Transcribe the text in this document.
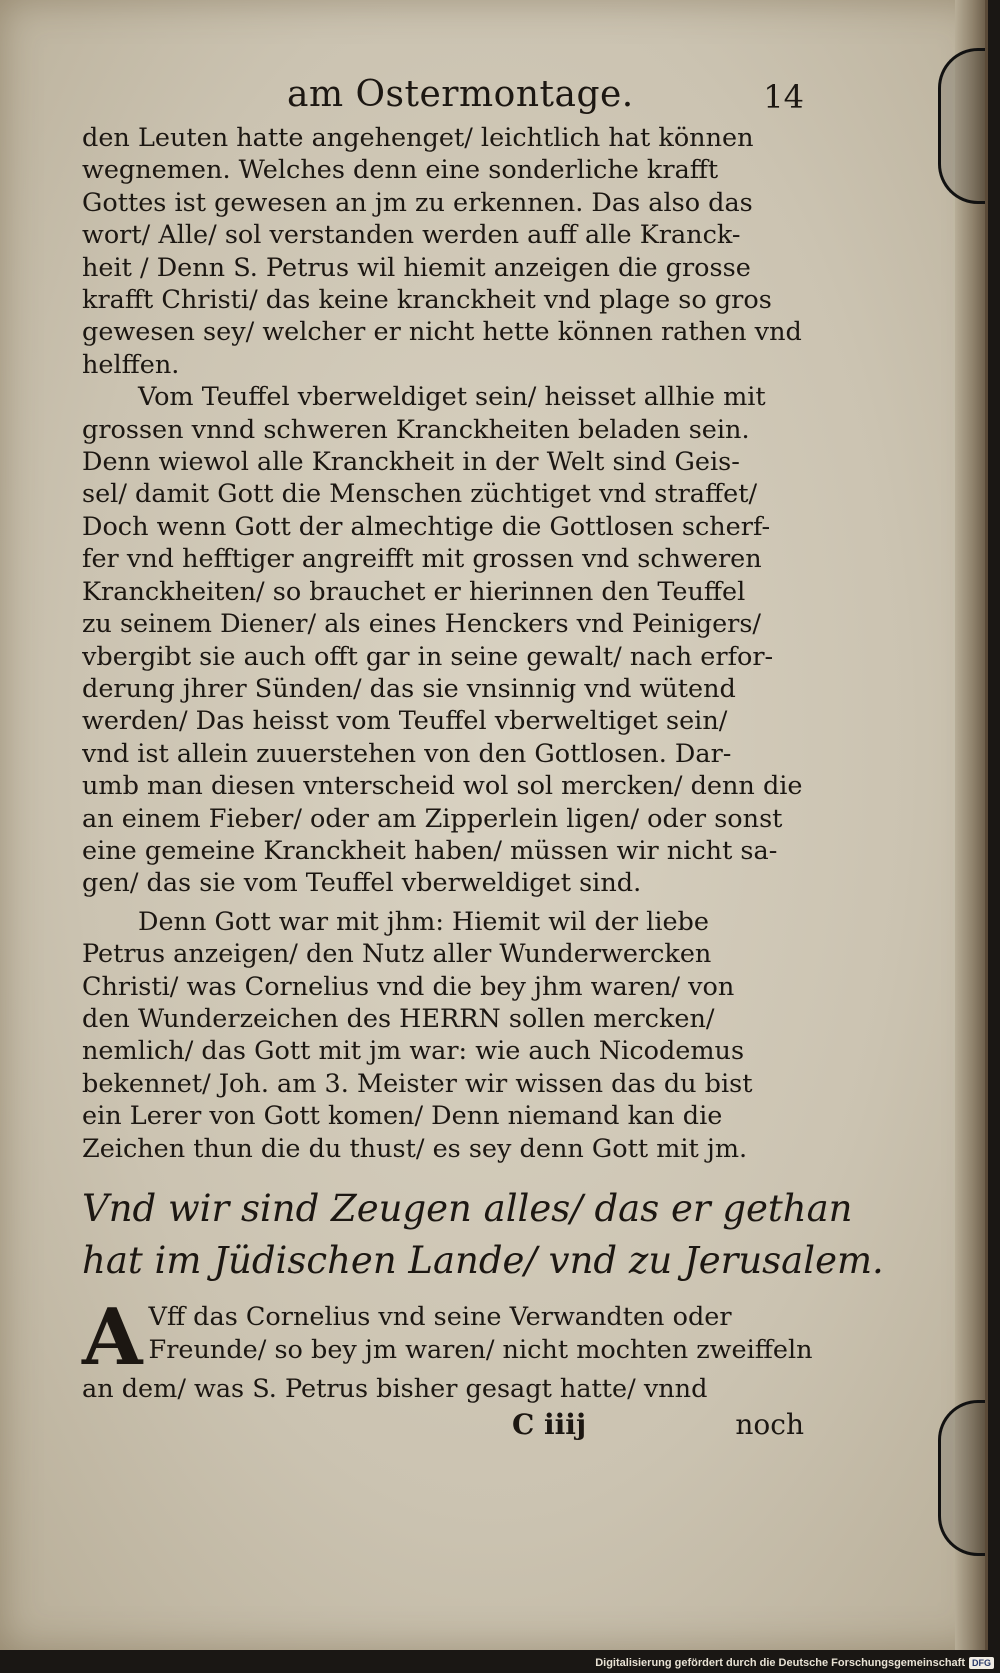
am Ostermontage.	14

den Leuten hatte angehenget/ leichtlich hat können
wegnemen. Welches denn eine sonderliche krafft
Gottes ist gewesen an jm zu erkennen. Das also das
wort/ Alle/ sol verstanden werden auff alle Kranck-
heit / Denn S. Petrus wil hiemit anzeigen die grosse
krafft Christi/ das keine kranckheit vnd plage so gros
gewesen sey/ welcher er nicht hette können rathen vnd
helffen.

Vom Teuffel vberweldiget sein/ heisset allhie mit
grossen vnnd schweren Kranckheiten beladen sein.
Denn wiewol alle Kranckheit in der Welt sind Geis-
sel/ damit Gott die Menschen züchtiget vnd straffet/
Doch wenn Gott der almechtige die Gottlosen scherf-
fer vnd hefftiger angreifft mit grossen vnd schweren
Kranckheiten/ so brauchet er hierinnen den Teuffel
zu seinem Diener/ als eines Henckers vnd Peinigers/
vbergibt sie auch offt gar in seine gewalt/ nach erfor-
derung jhrer Sünden/ das sie vnsinnig vnd wütend
werden/ Das heisst vom Teuffel vberweltiget sein/
vnd ist allein zuuerstehen von den Gottlosen. Dar-
umb man diesen vnterscheid wol sol mercken/ denn die
an einem Fieber/ oder am Zipperlein ligen/ oder sonst
eine gemeine Kranckheit haben/ müssen wir nicht sa-
gen/ das sie vom Teuffel vberweldiget sind.

Denn Gott war mit jhm: Hiemit wil der liebe
Petrus anzeigen/ den Nutz aller Wunderwercken
Christi/ was Cornelius vnd die bey jhm waren/ von
den Wunderzeichen des HERRN sollen mercken/
nemlich/ das Gott mit jm war: wie auch Nicodemus
bekennet/ Joh. am 3. Meister wir wissen das du bist
ein Lerer von Gott komen/ Denn niemand kan die
Zeichen thun die du thust/ es sey denn Gott mit jm.

Vnd wir sind Zeugen alles/ das er gethan
hat im Jüdischen Lande/ vnd zu Jerusalem.
A Vff das Cornelius vnd seine Verwandten oder
Freunde/ so bey jm waren/ nicht mochten zweiffeln
an dem/ was S. Petrus bisher gesagt hatte/ vnnd
C iiij	noch
Digitalisierung gefördert durch die Deutsche Forschungsgemeinschaft DFG
